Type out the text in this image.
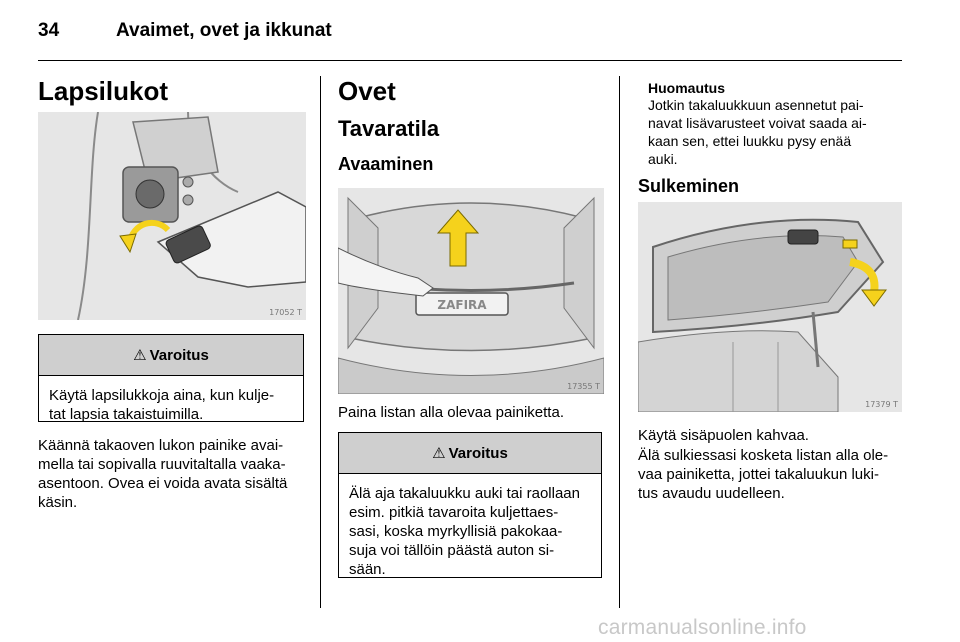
34	Avaimet, ovet ja ikkunat
Lapsilukot
17052 T
⚠ Varoitus
Käytä lapsilukkoja aina, kun kulje-
tat lapsia takaistuimilla.
Käännä takaoven lukon painike avai-
mella tai sopivalla ruuvitaltalla vaaka-
asentoon. Ovea ei voida avata sisältä
käsin.
Ovet
Tavaratila
Avaaminen
ZAFIRA
17355 T
Paina listan alla olevaa painiketta.
⚠ Varoitus
Älä aja takaluukku auki tai raollaan
esim. pitkiä tavaroita kuljettaes-
sasi, koska myrkyllisiä pakokaa-
suja voi tällöin päästä auton si-
sään.
Huomautus
Jotkin takaluukkuun asennetut pai-
navat lisävarusteet voivat saada ai-
kaan sen, ettei luukku pysy enää
auki.
Sulkeminen
17379 T
Käytä sisäpuolen kahvaa.
Älä sulkiessasi kosketa listan alla ole-
vaa painiketta, jottei takaluukun luki-
tus avaudu uudelleen.
carmanualsonline.info
